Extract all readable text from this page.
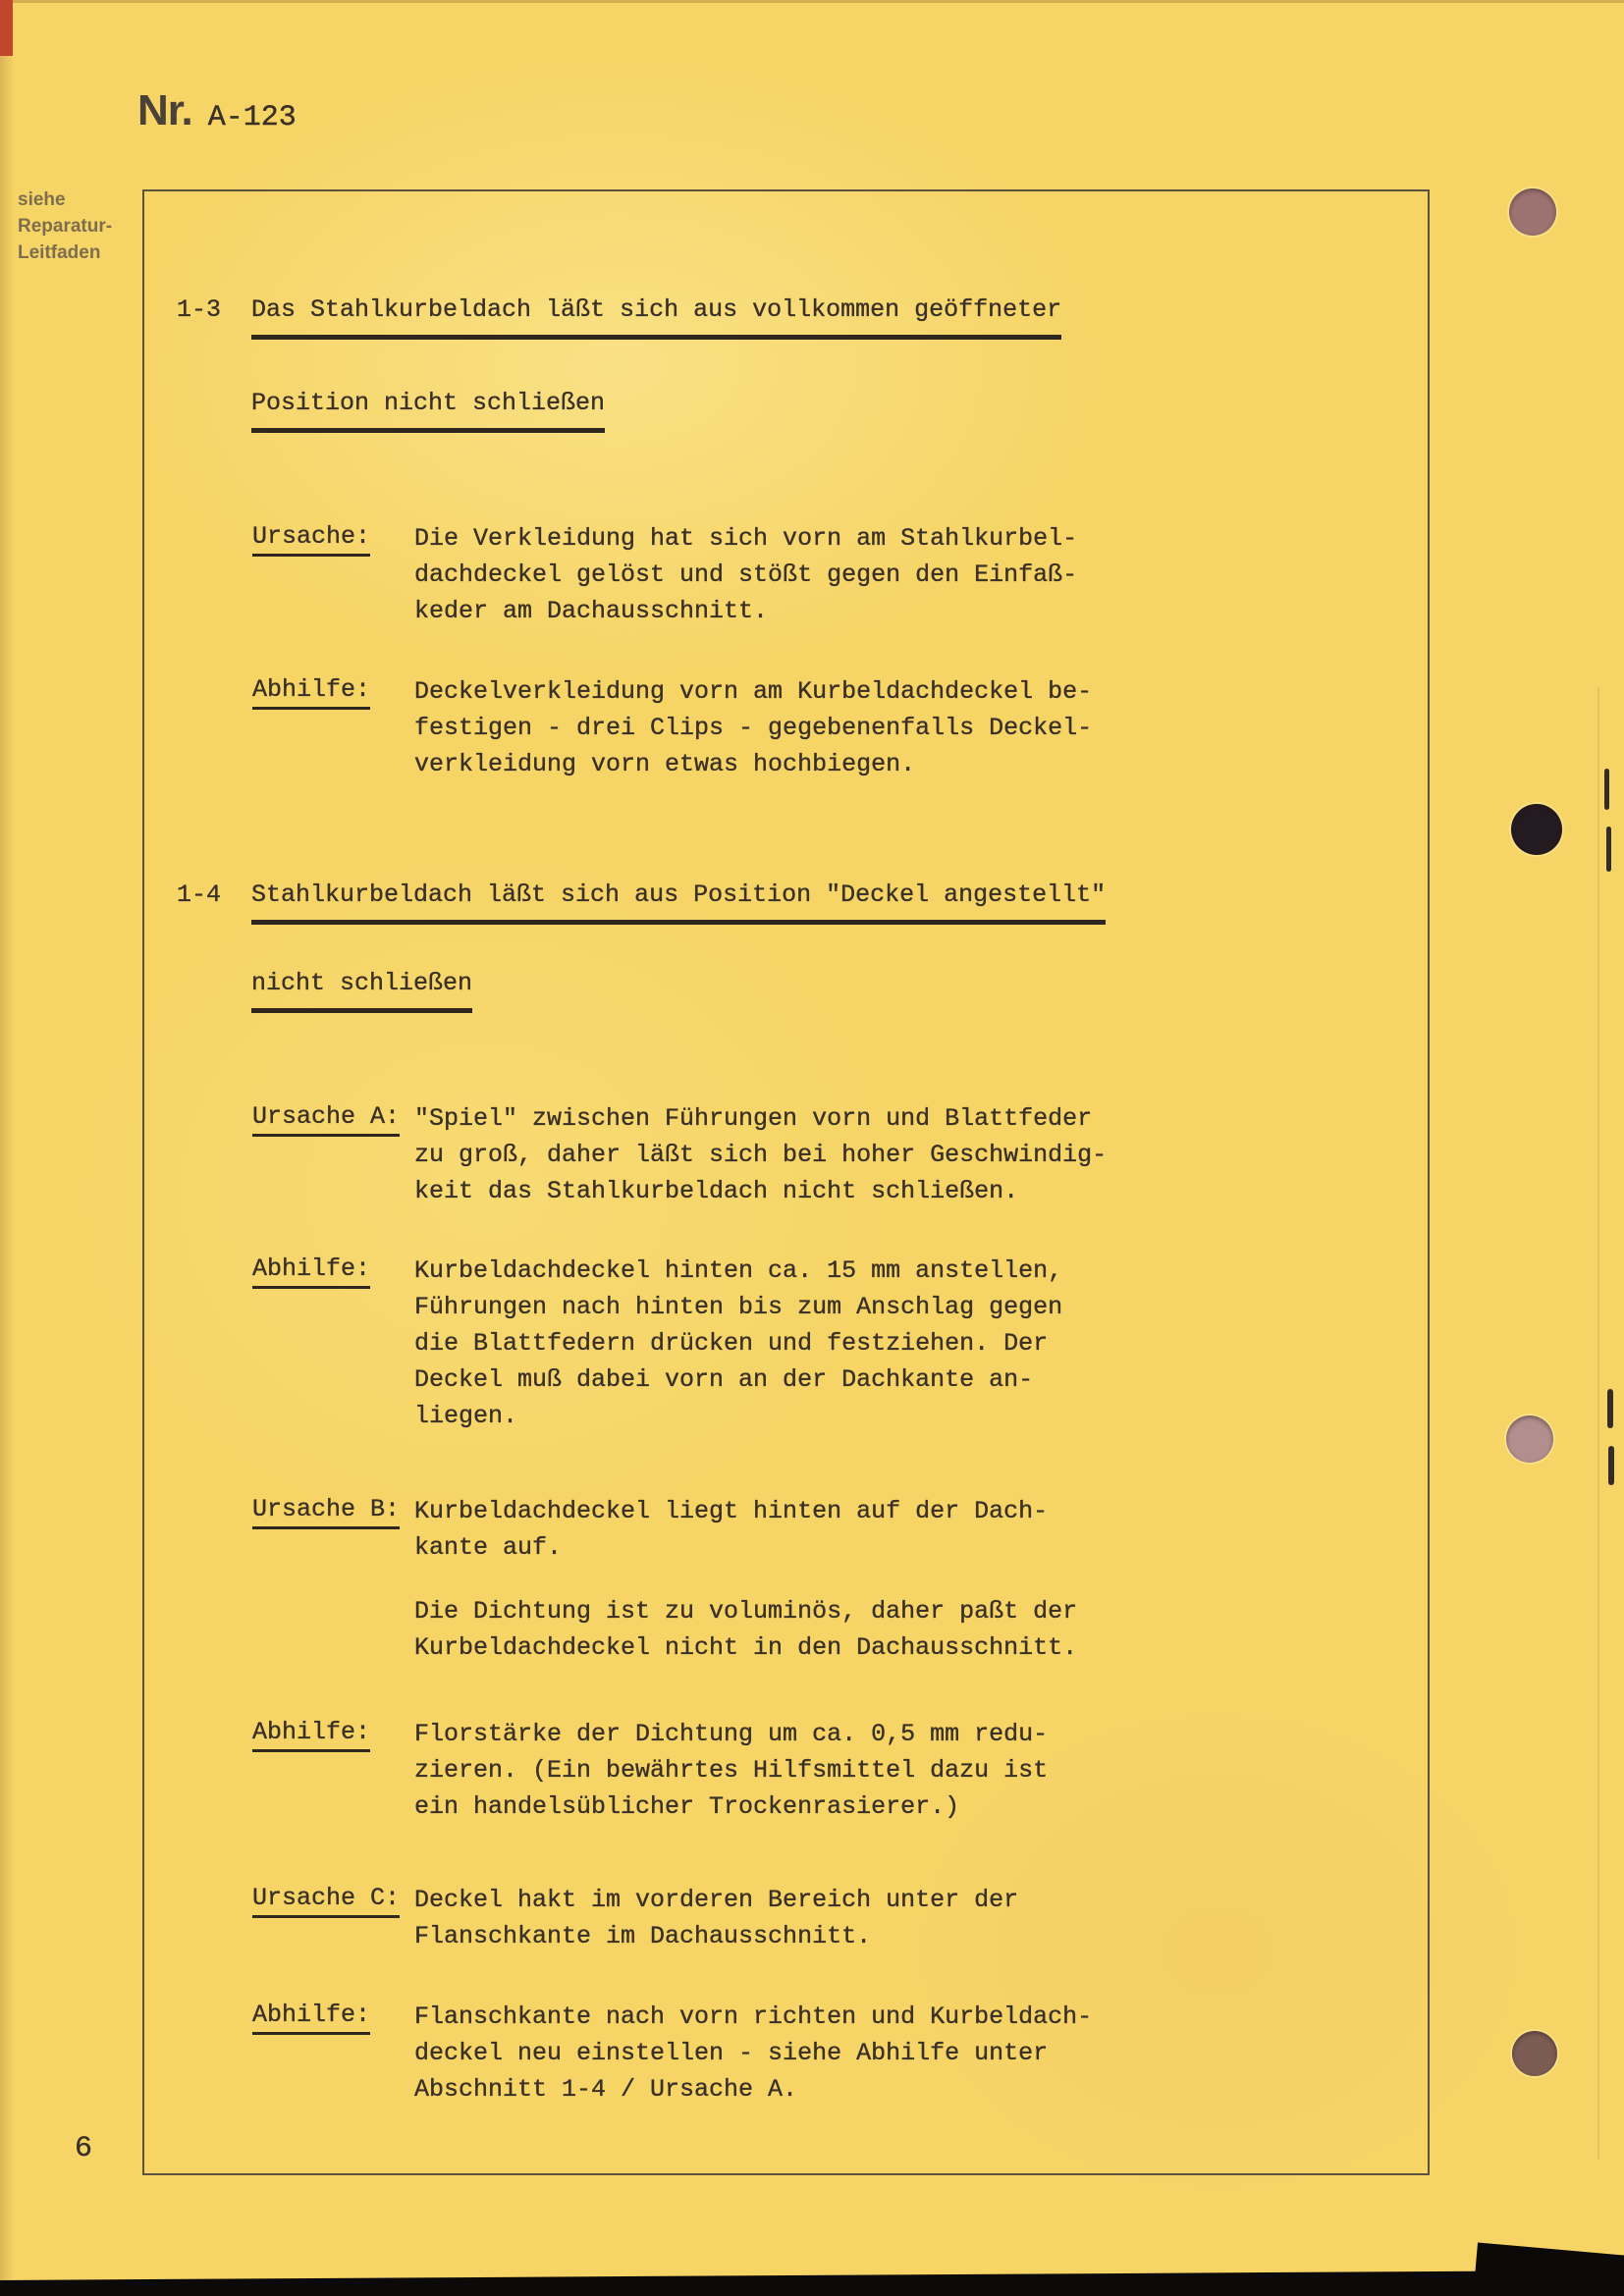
Nr. A-123
siehe
Reparatur-
Leitfaden
1-3 Das Stahlkurbeldach läßt sich aus vollkommen geöffneter
Position nicht schließen
Ursache: Die Verkleidung hat sich vorn am Stahlkurbel-
dachdeckel gelöst und stößt gegen den Einfaß-
keder am Dachausschnitt.
Abhilfe: Deckelverkleidung vorn am Kurbeldachdeckel be-
festigen - drei Clips - gegebenenfalls Deckel-
verkleidung vorn etwas hochbiegen.
1-4 Stahlkurbeldach läßt sich aus Position "Deckel angestellt"
nicht schließen
Ursache A: "Spiel" zwischen Führungen vorn und Blattfeder
zu groß, daher läßt sich bei hoher Geschwindig-
keit das Stahlkurbeldach nicht schließen.
Abhilfe: Kurbeldachdeckel hinten ca. 15 mm anstellen,
Führungen nach hinten bis zum Anschlag gegen
die Blattfedern drücken und festziehen. Der
Deckel muß dabei vorn an der Dachkante an-
liegen.
Ursache B: Kurbeldachdeckel liegt hinten auf der Dach-
kante auf.
Die Dichtung ist zu voluminös, daher paßt der
Kurbeldachdeckel nicht in den Dachausschnitt.
Abhilfe: Florstärke der Dichtung um ca. 0,5 mm redu-
zieren. (Ein bewährtes Hilfsmittel dazu ist
ein handelsüblicher Trockenrasierer.)
Ursache C: Deckel hakt im vorderen Bereich unter der
Flanschkante im Dachausschnitt.
Abhilfe: Flanschkante nach vorn richten und Kurbeldach-
deckel neu einstellen - siehe Abhilfe unter
Abschnitt 1-4 / Ursache A.
6
